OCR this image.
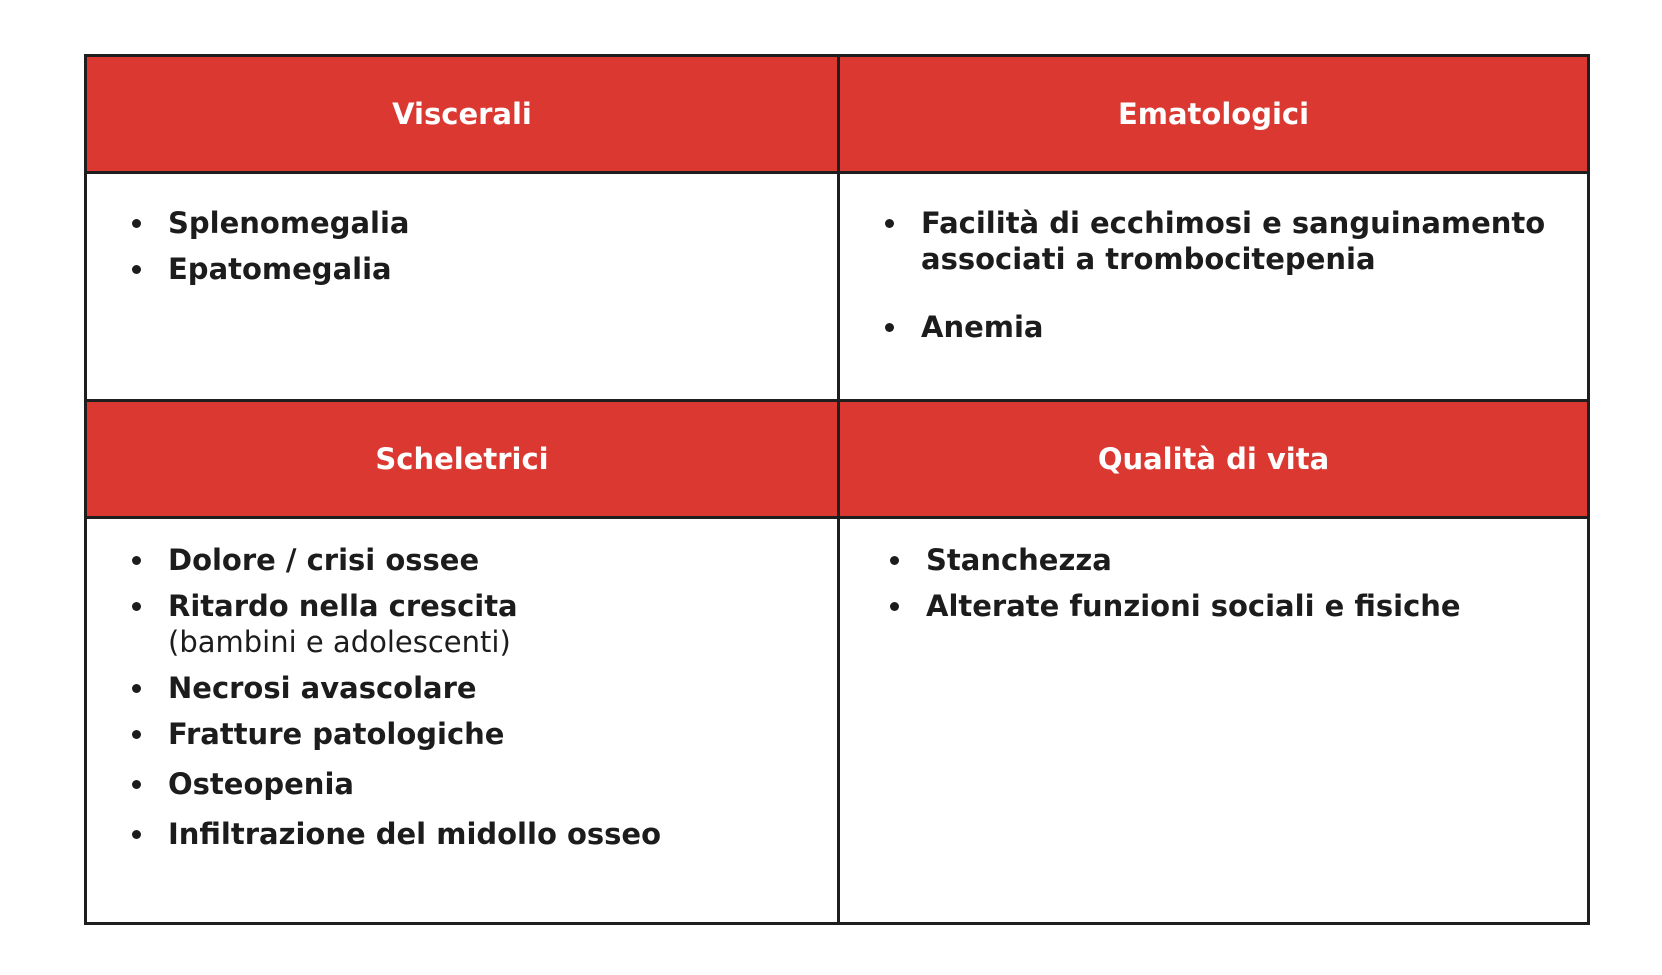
Viscerali	Ematologici
Splenomegalia
Epatomegalia
Facilità di ecchimosi e sanguinamento associati a trombocitepenia
Anemia
Scheletrici	Qualità di vita
Dolore / crisi ossee
Ritardo nella crescita
(bambini e adolescenti)
Necrosi avascolare
Fratture patologiche
Osteopenia
Infiltrazione del midollo osseo
Stanchezza
Alterate funzioni sociali e fisiche
